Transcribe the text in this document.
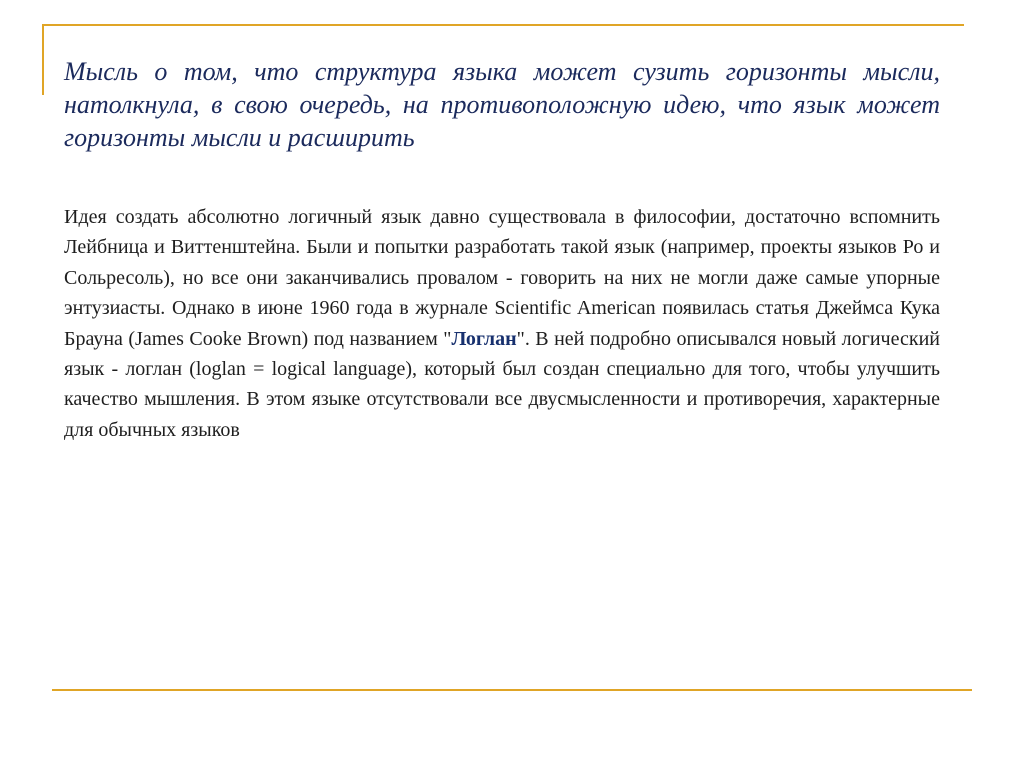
Мысль о том, что структура языка может сузить горизонты мысли, натолкнула, в свою очередь, на противоположную идею, что язык может горизонты мысли и расширить

Идея создать абсолютно логичный язык давно существовала в философии, достаточно вспомнить Лейбница и Виттенштейна. Были и попытки разработать такой язык (например, проекты языков Ро и Сольресоль), но все они заканчивались провалом - говорить на них не могли даже самые упорные энтузиасты. Однако в июне 1960 года в журнале Scientific American появилась статья Джеймса Кука Брауна (James Cooke Brown) под названием "Логлан". В ней подробно описывался новый логический язык - логлан (loglan = logical language), который был создан специально для того, чтобы улучшить качество мышления. В этом языке отсутствовали все двусмысленности и противоречия, характерные для обычных языков
